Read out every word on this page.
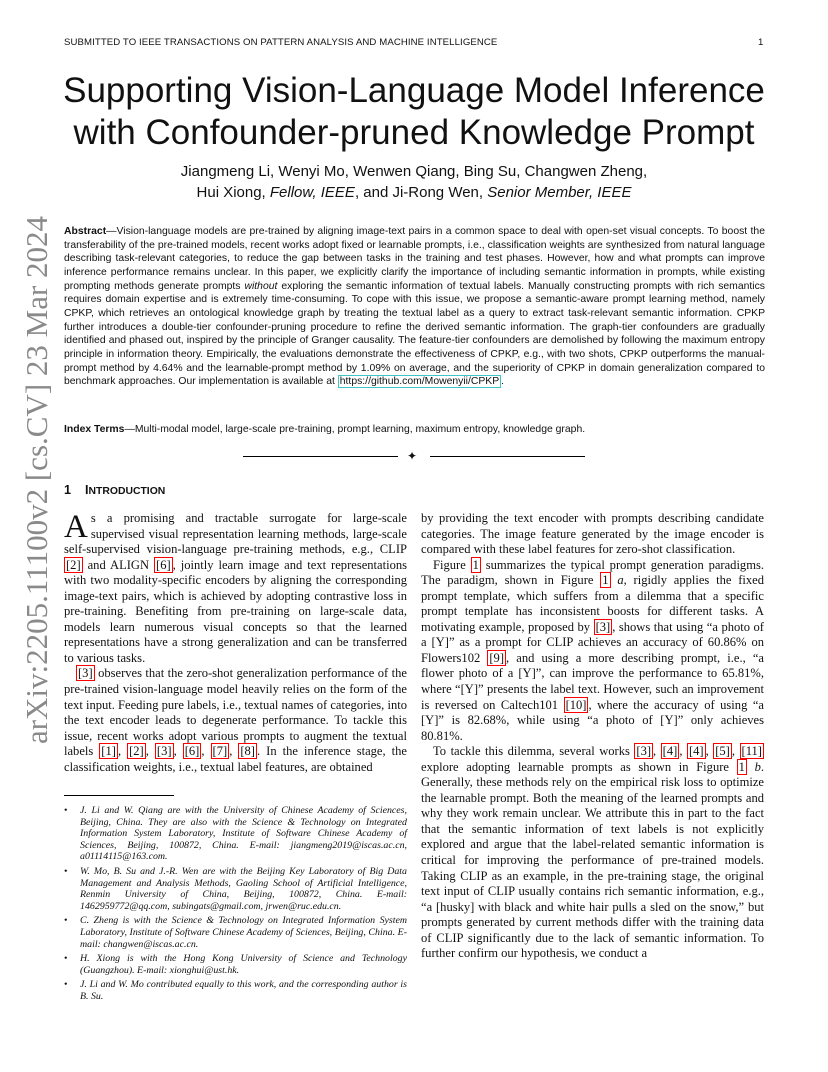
SUBMITTED TO IEEE TRANSACTIONS ON PATTERN ANALYSIS AND MACHINE INTELLIGENCE	1
arXiv:2205.11100v2 [cs.CV] 23 Mar 2024
Supporting Vision-Language Model Inference
with Confounder-pruned Knowledge Prompt
Jiangmeng Li, Wenyi Mo, Wenwen Qiang, Bing Su, Changwen Zheng,
Hui Xiong, Fellow, IEEE, and Ji-Rong Wen, Senior Member, IEEE

Abstract—Vision-language models are pre-trained by aligning image-text pairs in a common space to deal with open-set visual concepts. To boost the transferability of the pre-trained models, recent works adopt fixed or learnable prompts, i.e., classification weights are synthesized from natural language describing task-relevant categories, to reduce the gap between tasks in the training and test phases. However, how and what prompts can improve inference performance remains unclear. In this paper, we explicitly clarify the importance of including semantic information in prompts, while existing prompting methods generate prompts without exploring the semantic information of textual labels. Manually constructing prompts with rich semantics requires domain expertise and is extremely time-consuming. To cope with this issue, we propose a semantic-aware prompt learning method, namely CPKP, which retrieves an ontological knowledge graph by treating the textual label as a query to extract task-relevant semantic information. CPKP further introduces a double-tier confounder-pruning procedure to refine the derived semantic information. The graph-tier confounders are gradually identified and phased out, inspired by the principle of Granger causality. The feature-tier confounders are demolished by following the maximum entropy principle in information theory. Empirically, the evaluations demonstrate the effectiveness of CPKP, e.g., with two shots, CPKP outperforms the manual-prompt method by 4.64% and the learnable-prompt method by 1.09% on average, and the superiority of CPKP in domain generalization compared to benchmark approaches. Our implementation is available at https://github.com/Mowenyii/CPKP .

Index Terms—Multi-modal model, large-scale pre-training, prompt learning, maximum entropy, knowledge graph.

✦
1 INTRODUCTION

As a promising and tractable surrogate for large-scale supervised visual representation learning methods, large-scale self-supervised vision-language pre-training methods, e.g., CLIP [2] and ALIGN [6] , jointly learn image and text representations with two modality-specific encoders by aligning the corresponding image-text pairs, which is achieved by adopting contrastive loss in pre-training. Benefiting from pre-training on large-scale data, models learn numerous visual concepts so that the learned representations have a strong generalization and can be transferred to various tasks.

[3] observes that the zero-shot generalization performance of the pre-trained vision-language model heavily relies on the form of the text input. Feeding pure labels, i.e., textual names of categories, into the text encoder leads to degenerate performance. To tackle this issue, recent works adopt various prompts to augment the textual labels [1] , [2] , [3] , [6] , [7] , [8] . In the inference stage, the classification weights, i.e., textual label features, are obtained

• J. Li and W. Qiang are with the University of Chinese Academy of Sciences, Beijing, China. They are also with the Science & Technology on Integrated Information System Laboratory, Institute of Software Chinese Academy of Sciences, Beijing, 100872, China. E-mail: jiangmeng2019@iscas.ac.cn, a01114115@163.com.
• W. Mo, B. Su and J.-R. Wen are with the Beijing Key Laboratory of Big Data Management and Analysis Methods, Gaoling School of Artificial Intelligence, Renmin University of China, Beijing, 100872, China. E-mail: 1462959772@qq.com, subingats@gmail.com, jrwen@ruc.edu.cn.
• C. Zheng is with the Science & Technology on Integrated Information System Laboratory, Institute of Software Chinese Academy of Sciences, Beijing, China. E-mail: changwen@iscas.ac.cn.
• H. Xiong is with the Hong Kong University of Science and Technology (Guangzhou). E-mail: xionghui@ust.hk.
• J. Li and W. Mo contributed equally to this work, and the corresponding author is B. Su.

by providing the text encoder with prompts describing candidate categories. The image feature generated by the image encoder is compared with these label features for zero-shot classification.

Figure 1 summarizes the typical prompt generation paradigms. The paradigm, shown in Figure 1 a, rigidly applies the fixed prompt template, which suffers from a dilemma that a specific prompt template has inconsistent boosts for different tasks. A motivating example, proposed by [3] , shows that using “a photo of a [Y]” as a prompt for CLIP achieves an accuracy of 60.86% on Flowers102 [9] , and using a more describing prompt, i.e., “a flower photo of a [Y]”, can improve the performance to 65.81%, where “[Y]” presents the label text. However, such an improvement is reversed on Caltech101 [10] , where the accuracy of using “a [Y]” is 82.68%, while using “a photo of [Y]” only achieves 80.81%.

To tackle this dilemma, several works [3] , [4] , [4] , [5] , [11] explore adopting learnable prompts as shown in Figure 1 b. Generally, these methods rely on the empirical risk loss to optimize the learnable prompt. Both the meaning of the learned prompts and why they work remain unclear. We attribute this in part to the fact that the semantic information of text labels is not explicitly explored and argue that the label-related semantic information is critical for improving the performance of pre-trained models. Taking CLIP as an example, in the pre-training stage, the original text input of CLIP usually contains rich semantic information, e.g., “a [husky] with black and white hair pulls a sled on the snow,” but prompts generated by current methods differ with the training data of CLIP significantly due to the lack of semantic information. To further confirm our hypothesis, we conduct a
